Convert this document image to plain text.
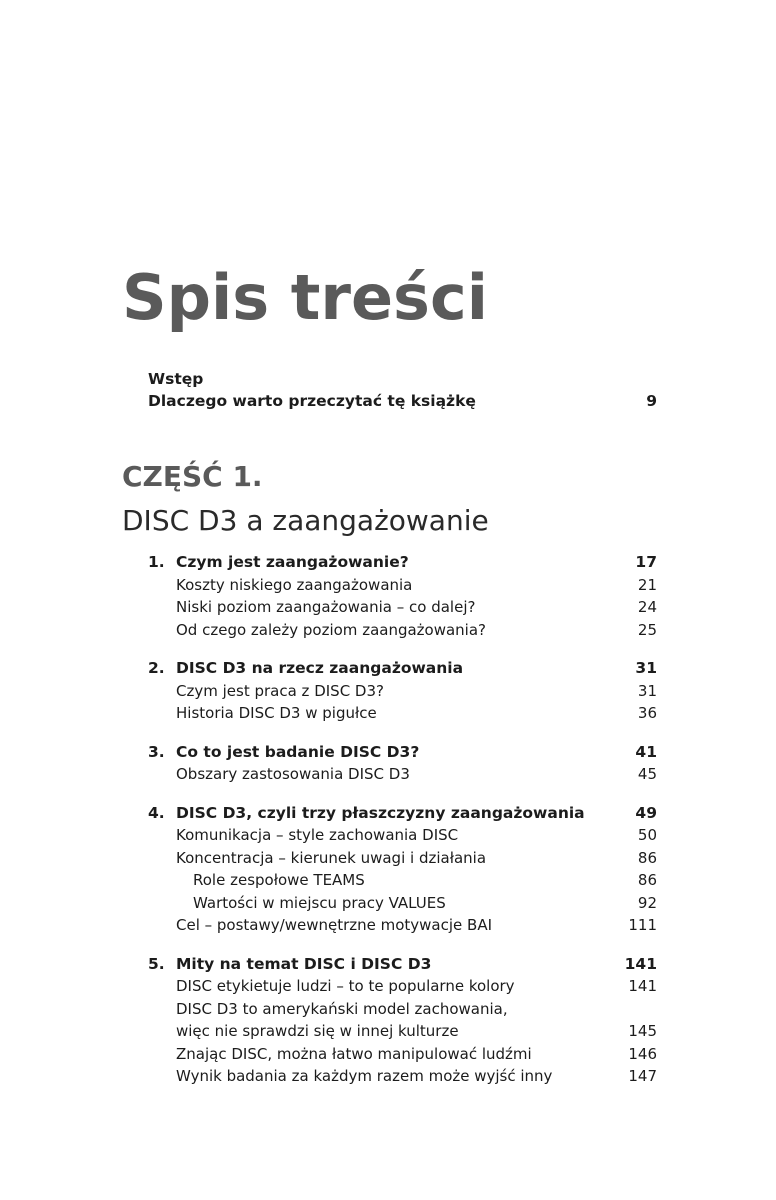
Spis treści
Wstęp
Dlaczego warto przeczytać tę książkę	9
CZĘŚĆ 1.
DISC D3 a zaangażowanie
1. Czym jest zaangażowanie?	17
Koszty niskiego zaangażowania	21
Niski poziom zaangażowania – co dalej?	24
Od czego zależy poziom zaangażowania?	25
2. DISC D3 na rzecz zaangażowania	31
Czym jest praca z DISC D3?	31
Historia DISC D3 w pigułce	36
3. Co to jest badanie DISC D3?	41
Obszary zastosowania DISC D3	45
4. DISC D3, czyli trzy płaszczyzny zaangażowania	49
Komunikacja – style zachowania DISC	50
Koncentracja – kierunek uwagi i działania	86
Role zespołowe TEAMS	86
Wartości w miejscu pracy VALUES	92
Cel – postawy/wewnętrzne motywacje BAI	111
5. Mity na temat DISC i DISC D3	141
DISC etykietuje ludzi – to te popularne kolory	141
DISC D3 to amerykański model zachowania,
więc nie sprawdzi się w innej kulturze	145
Znając DISC, można łatwo manipulować ludźmi	146
Wynik badania za każdym razem może wyjść inny	147
